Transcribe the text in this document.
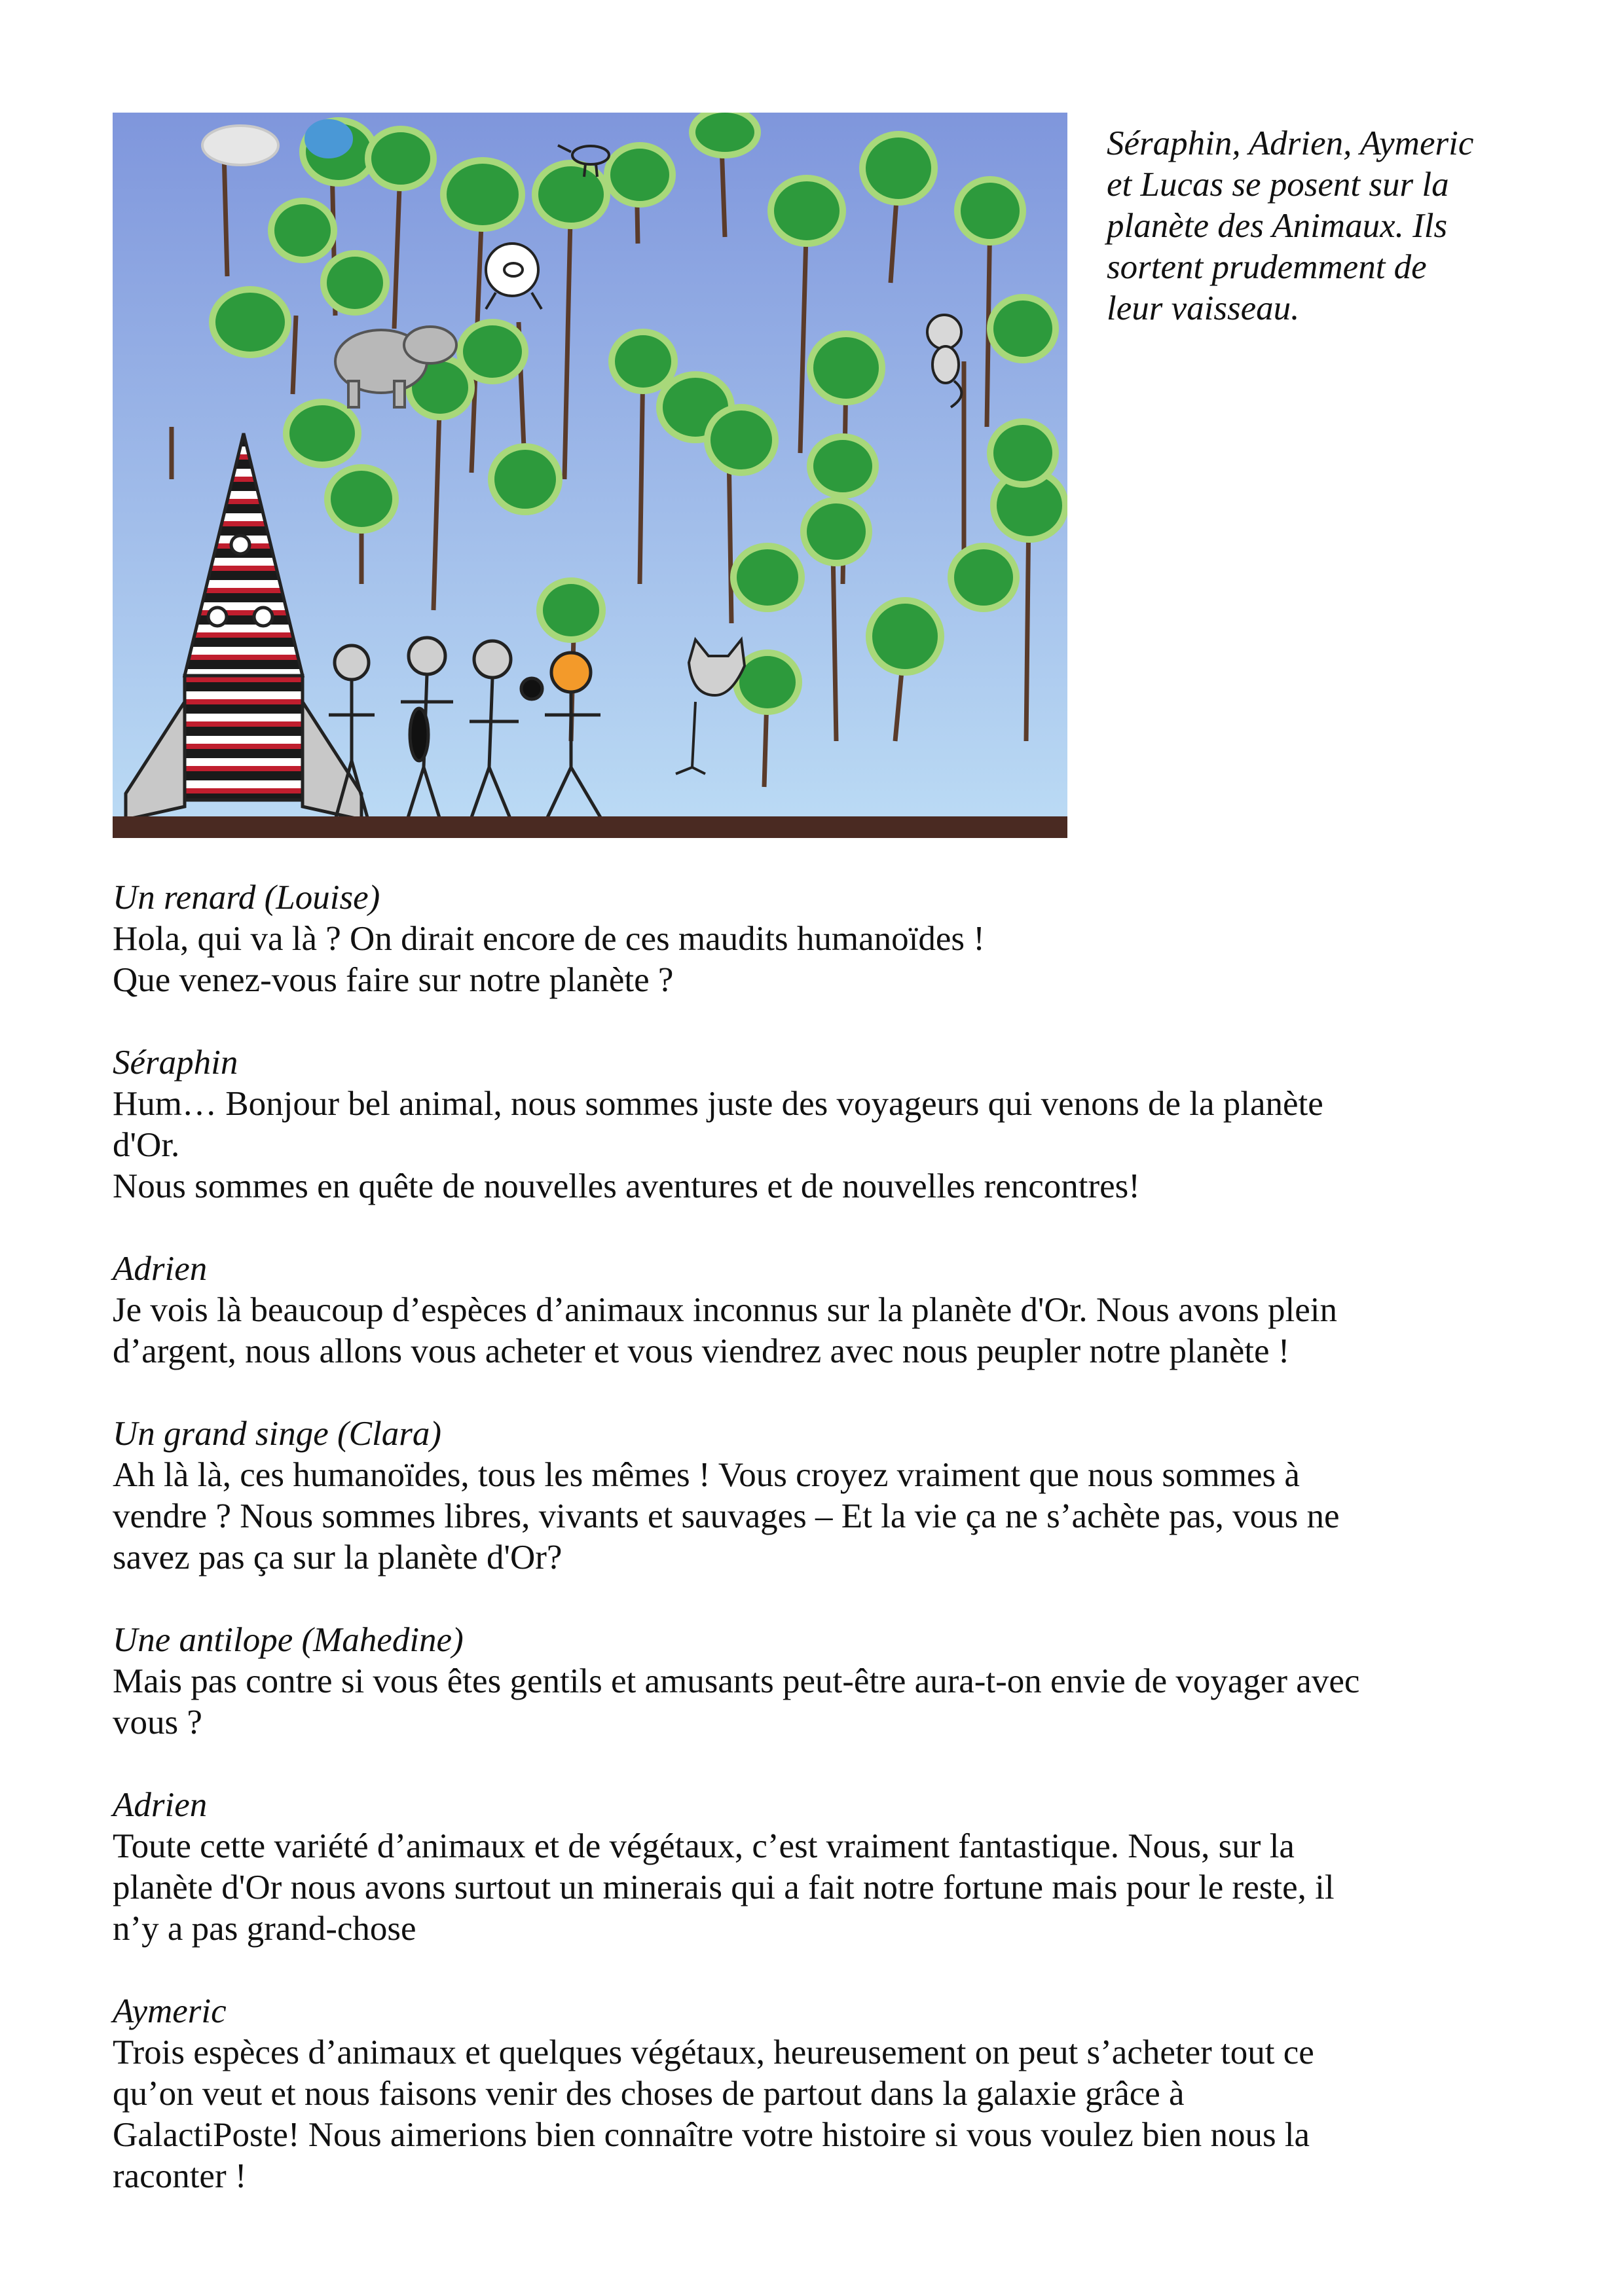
Séraphin, Adrien, Aymeric

et Lucas se posent sur la

planète des Animaux. Ils

sortent prudemment de

leur vaisseau.

Un renard (Louise)

Hola, qui va là ? On dirait encore de ces maudits humanoïdes !

Que venez-vous faire sur notre planète ?

Séraphin

Hum… Bonjour bel animal, nous sommes juste des voyageurs qui venons de la planète

d'Or.

Nous sommes en quête de nouvelles aventures et de nouvelles rencontres!

Adrien

Je vois là beaucoup d’espèces d’animaux inconnus sur la planète d'Or. Nous avons plein

d’argent, nous allons vous acheter et vous viendrez avec nous peupler notre planète !

Un grand singe (Clara)

Ah là là, ces humanoïdes, tous les mêmes ! Vous croyez vraiment que nous sommes à

vendre ? Nous sommes libres, vivants et sauvages – Et la vie ça ne s’achète pas, vous ne

savez pas ça sur la planète d'Or?

Une antilope (Mahedine)

Mais pas contre si vous êtes gentils et amusants peut-être aura-t-on envie de voyager avec

vous ?

Adrien

Toute cette variété d’animaux et de végétaux, c’est vraiment fantastique. Nous, sur la

planète d'Or nous avons surtout un minerais qui a fait notre fortune mais pour le reste, il

n’y a pas grand-chose

Aymeric

Trois espèces d’animaux et quelques végétaux, heureusement on peut s’acheter tout ce

qu’on veut et nous faisons venir des choses de partout dans la galaxie grâce à

GalactiPoste! Nous aimerions bien connaître votre histoire si vous voulez bien nous la

raconter !
